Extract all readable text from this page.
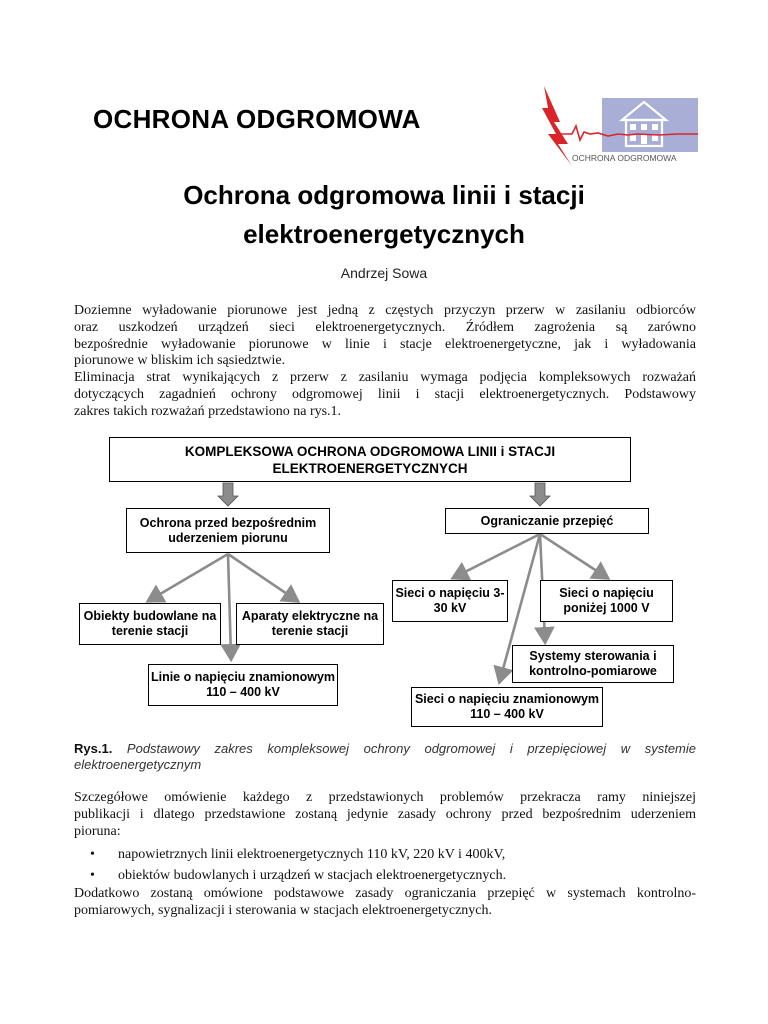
OCHRONA ODGROMOWA
OCHRONA ODGROMOWA
Ochrona odgromowa linii i stacji
elektroenergetycznych
Andrzej Sowa
Doziemne wyładowanie piorunowe jest jedną z częstych przyczyn przerw w zasilaniu odbiorców
oraz uszkodzeń urządzeń sieci elektroenergetycznych. Źródłem zagrożenia są zarówno
bezpośrednie wyładowanie piorunowe w linie i stacje elektroenergetyczne, jak i wyładowania
piorunowe w bliskim ich sąsiedztwie.
Eliminacja strat wynikających z przerw z zasilaniu wymaga podjęcia kompleksowych rozważań
dotyczących zagadnień ochrony odgromowej linii i stacji elektroenergetycznych. Podstawowy
zakres takich rozważań przedstawiono na rys.1.
KOMPLEKSOWA OCHRONA ODGROMOWA LINII i STACJI ELEKTROENERGETYCZNYCH
Ochrona przed bezpośrednim uderzeniem piorunu
Ograniczanie przepięć
Obiekty budowlane na terenie stacji
Aparaty elektryczne na terenie stacji
Linie o napięciu znamionowym 110 – 400 kV
Sieci o napięciu 3- 30 kV
Sieci o napięciu poniżej 1000 V
Systemy sterowania i kontrolno-pomiarowe
Sieci o napięciu znamionowym 110 – 400 kV
Rys.1. Podstawowy zakres kompleksowej ochrony odgromowej i przepięciowej w systemie elektroenergetycznym
Szczegółowe omówienie każdego z przedstawionych problemów przekracza ramy niniejszej
publikacji i dlatego przedstawione zostaną jedynie zasady ochrony przed bezpośrednim uderzeniem
pioruna:
•	napowietrznych linii elektroenergetycznych 110 kV, 220 kV i 400kV,
•	obiektów budowlanych i urządzeń w stacjach elektroenergetycznych.
Dodatkowo zostaną omówione podstawowe zasady ograniczania przepięć w systemach kontrolno-
pomiarowych, sygnalizacji i sterowania w stacjach elektroenergetycznych.
